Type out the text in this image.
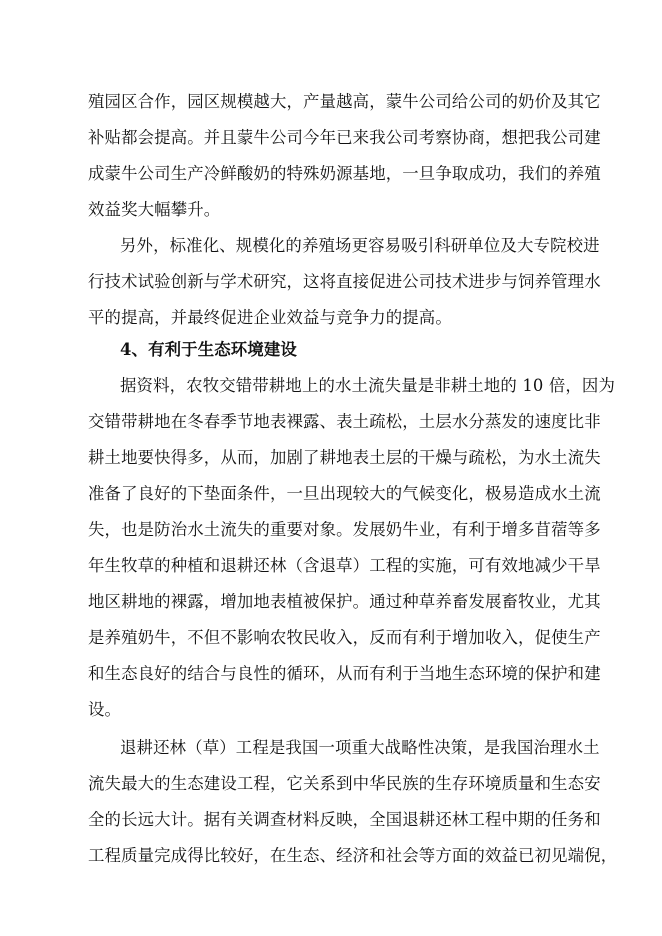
殖园区合作，园区规模越大，产量越高，蒙牛公司给公司的奶价及其它
补贴都会提高。并且蒙牛公司今年已来我公司考察协商，想把我公司建
成蒙牛公司生产冷鲜酸奶的特殊奶源基地，一旦争取成功，我们的养殖
效益奖大幅攀升。
另外，标准化、规模化的养殖场更容易吸引科研单位及大专院校进
行技术试验创新与学术研究，这将直接促进公司技术进步与饲养管理水
平的提高，并最终促进企业效益与竞争力的提高。
4、有利于生态环境建设
据资料，农牧交错带耕地上的水土流失量是非耕土地的 10 倍，因为
交错带耕地在冬春季节地表裸露、表土疏松，土层水分蒸发的速度比非
耕土地要快得多，从而，加剧了耕地表土层的干燥与疏松，为水土流失
准备了良好的下垫面条件，一旦出现较大的气候变化，极易造成水土流
失，也是防治水土流失的重要对象。发展奶牛业，有利于增多苜蓿等多
年生牧草的种植和退耕还林（含退草）工程的实施，可有效地减少干旱
地区耕地的裸露，增加地表植被保护。通过种草养畜发展畜牧业，尤其
是养殖奶牛，不但不影响农牧民收入，反而有利于增加收入，促使生产
和生态良好的结合与良性的循环，从而有利于当地生态环境的保护和建
设。
退耕还林（草）工程是我国一项重大战略性决策，是我国治理水土
流失最大的生态建设工程，它关系到中华民族的生存环境质量和生态安
全的长远大计。据有关调查材料反映，全国退耕还林工程中期的任务和
工程质量完成得比较好，在生态、经济和社会等方面的效益已初见端倪，
